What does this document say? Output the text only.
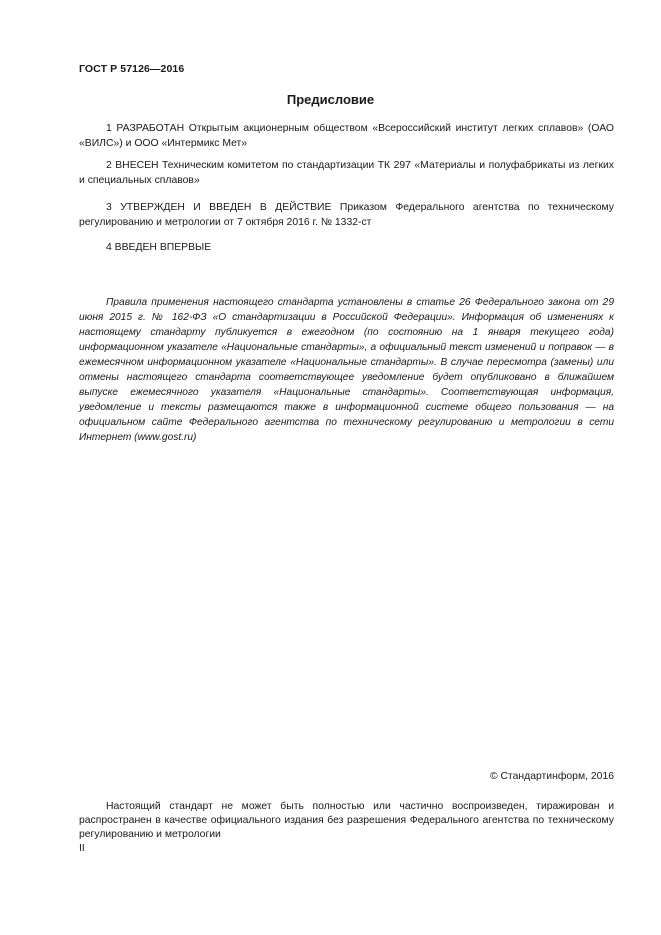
ГОСТ Р 57126—2016
Предисловие

1 РАЗРАБОТАН Открытым акционерным обществом «Всероссийский институт легких сплавов» (ОАО «ВИЛС») и ООО «Интермикс Мет»

2 ВНЕСЕН Техническим комитетом по стандартизации ТК 297 «Материалы и полуфабрикаты из легких и специальных сплавов»

3 УТВЕРЖДЕН И ВВЕДЕН В ДЕЙСТВИЕ Приказом Федерального агентства по техническому регулированию и метрологии от 7 октября 2016 г. № 1332-ст

4 ВВЕДЕН ВПЕРВЫЕ

Правила применения настоящего стандарта установлены в статье 26 Федерального закона от 29 июня 2015 г. № 162-ФЗ «О стандартизации в Российской Федерации». Информация об изменениях к настоящему стандарту публикуется в ежегодном (по состоянию на 1 января текущего года) информационном указателе «Национальные стандарты», а официальный текст изменений и поправок — в ежемесячном информационном указателе «Национальные стандарты». В случае пересмотра (замены) или отмены настоящего стандарта соответствующее уведомление будет опубликовано в ближайшем выпуске ежемесячного указателя «Национальные стандарты». Соответствующая информация, уведомление и тексты размещаются также в информационной системе общего пользования — на официальном сайте Федерального агентства по техническому регулированию и метрологии в сети Интернет (www.gost.ru)
© Стандартинформ, 2016
Настоящий стандарт не может быть полностью или частично воспроизведен, тиражирован и распространен в качестве официального издания без разрешения Федерального агентства по техническому регулированию и метрологии
II
